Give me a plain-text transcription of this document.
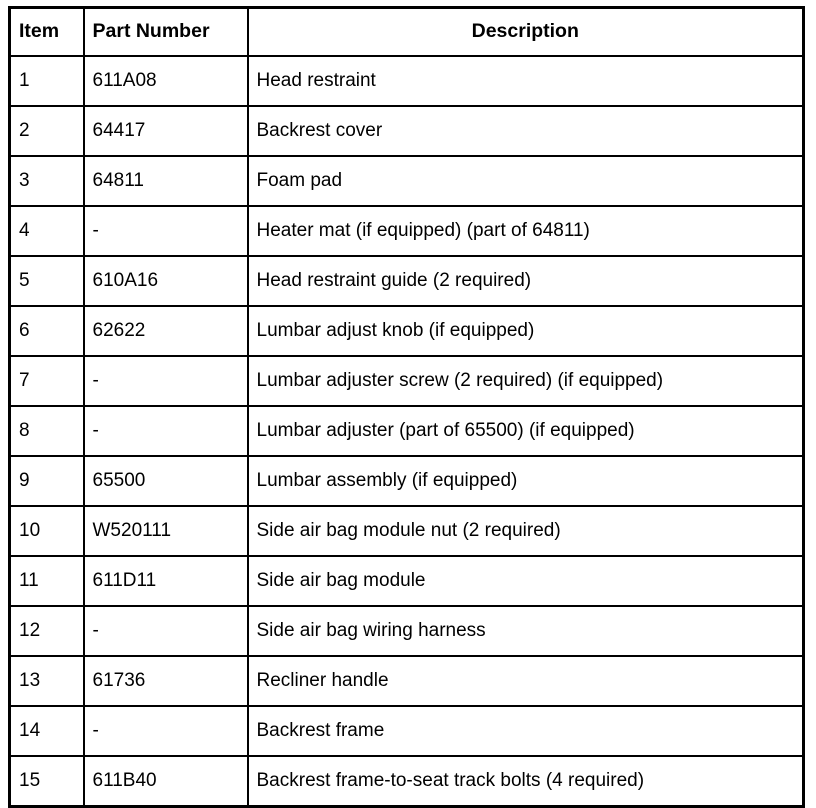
Item	Part Number	Description
1	611A08	Head restraint
2	64417	Backrest cover
3	64811	Foam pad
4	-	Heater mat (if equipped) (part of 64811)
5	610A16	Head restraint guide (2 required)
6	62622	Lumbar adjust knob (if equipped)
7	-	Lumbar adjuster screw (2 required) (if equipped)
8	-	Lumbar adjuster (part of 65500) (if equipped)
9	65500	Lumbar assembly (if equipped)
10	W520111	Side air bag module nut (2 required)
11	611D11	Side air bag module
12	-	Side air bag wiring harness
13	61736	Recliner handle
14	-	Backrest frame
15	611B40	Backrest frame-to-seat track bolts (4 required)
